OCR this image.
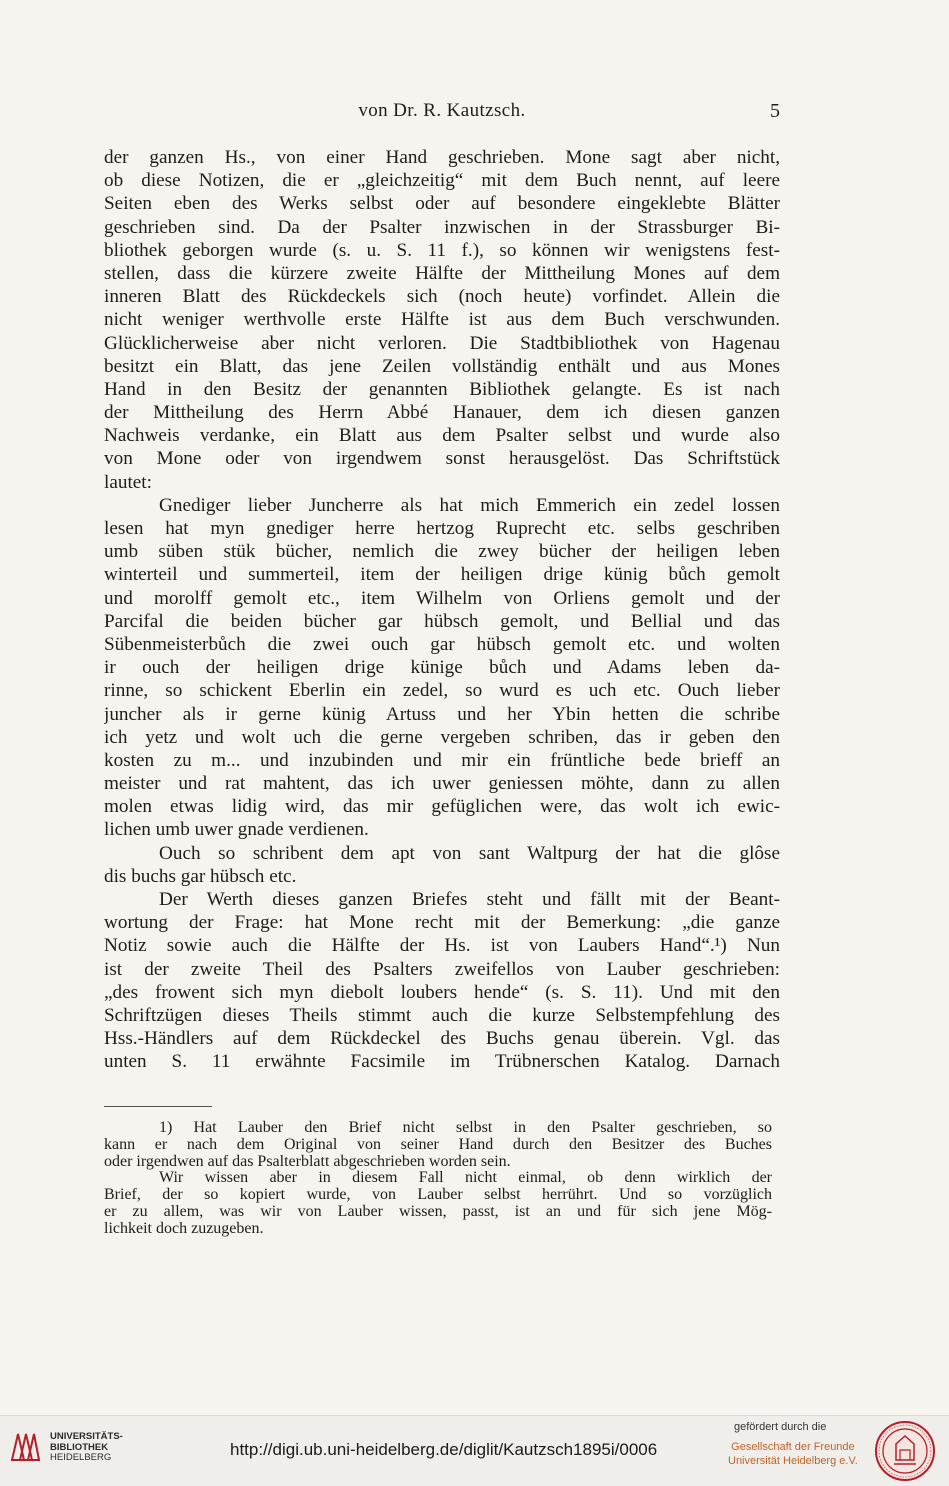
von Dr. R. Kautzsch.	5
der ganzen Hs., von einer Hand geschrieben. Mone sagt aber nicht,
ob diese Notizen, die er „gleichzeitig“ mit dem Buch nennt, auf leere
Seiten eben des Werks selbst oder auf besondere eingeklebte Blätter
geschrieben sind. Da der Psalter inzwischen in der Strassburger Bi-
bliothek geborgen wurde (s. u. S. 11 f.), so können wir wenigstens fest-
stellen, dass die kürzere zweite Hälfte der Mittheilung Mones auf dem
inneren Blatt des Rückdeckels sich (noch heute) vorfindet. Allein die
nicht weniger werthvolle erste Hälfte ist aus dem Buch verschwunden.
Glücklicherweise aber nicht verloren. Die Stadtbibliothek von Hagenau
besitzt ein Blatt, das jene Zeilen vollständig enthält und aus Mones
Hand in den Besitz der genannten Bibliothek gelangte. Es ist nach
der Mittheilung des Herrn Abbé Hanauer, dem ich diesen ganzen
Nachweis verdanke, ein Blatt aus dem Psalter selbst und wurde also
von Mone oder von irgendwem sonst herausgelöst. Das Schriftstück
lautet:
Gnediger lieber Juncherre als hat mich Emmerich ein zedel lossen
lesen hat myn gnediger herre hertzog Ruprecht etc. selbs geschriben
umb süben stük bücher, nemlich die zwey bücher der heiligen leben
winterteil und summerteil, item der heiligen drige künig bůch gemolt
und morolff gemolt etc., item Wilhelm von Orliens gemolt und der
Parcifal die beiden bücher gar hübsch gemolt, und Bellial und das
Sübenmeisterbůch die zwei ouch gar hübsch gemolt etc. und wolten
ir ouch der heiligen drige künige bůch und Adams leben da-
rinne, so schickent Eberlin ein zedel, so wurd es uch etc. Ouch lieber
juncher als ir gerne künig Artuss und her Ybin hetten die schribe
ich yetz und wolt uch die gerne vergeben schriben, das ir geben den
kosten zu m... und inzubinden und mir ein früntliche bede brieff an
meister und rat mahtent, das ich uwer geniessen möhte, dann zu allen
molen etwas lidig wird, das mir gefüglichen were, das wolt ich ewic-
lichen umb uwer gnade verdienen.
Ouch so schribent dem apt von sant Waltpurg der hat die glôse
dis buchs gar hübsch etc.
Der Werth dieses ganzen Briefes steht und fällt mit der Beant-
wortung der Frage: hat Mone recht mit der Bemerkung: „die ganze
Notiz sowie auch die Hälfte der Hs. ist von Laubers Hand“.¹) Nun
ist der zweite Theil des Psalters zweifellos von Lauber geschrieben:
„des frowent sich myn diebolt loubers hende“ (s. S. 11). Und mit den
Schriftzügen dieses Theils stimmt auch die kurze Selbstempfehlung des
Hss.-Händlers auf dem Rückdeckel des Buchs genau überein. Vgl. das
unten S. 11 erwähnte Facsimile im Trübnerschen Katalog. Darnach
1) Hat Lauber den Brief nicht selbst in den Psalter geschrieben, so
kann er nach dem Original von seiner Hand durch den Besitzer des Buches
oder irgendwen auf das Psalterblatt abgeschrieben worden sein.
Wir wissen aber in diesem Fall nicht einmal, ob denn wirklich der
Brief, der so kopiert wurde, von Lauber selbst herrührt. Und so vorzüglich
er zu allem, was wir von Lauber wissen, passt, ist an und für sich jene Mög-
lichkeit doch zuzugeben.
UNIVERSITÄTS-
BIBLIOTHEK
HEIDELBERG	http://digi.ub.uni-heidelberg.de/diglit/Kautzsch1895i/0006
gefördert durch die
Gesellschaft der Freunde
Universität Heidelberg e.V.
